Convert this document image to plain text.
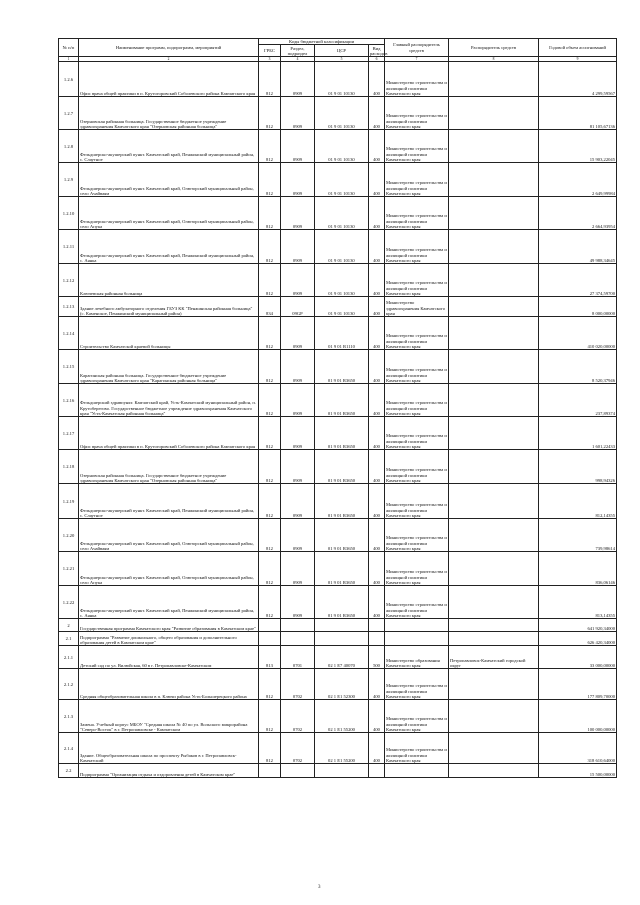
№ п/п	Наименование программ, подпрограмм, мероприятий	Коды бюджетной классификации				Главный распорядитель средств	Распорядитель средств	Годовой объем ассигнований
		ГРБС	Раздел, подраздел	ЦСР	Вид расходов			
1	2	3	4	5	6	7	8	9
1.2.6	Офис врача общей практики в п. Крутогоровский Соболевского района Камчатского края	812	0909	01 9 01 10130	400	Министерство строительства и жилищной политики Камчатского края		4 299,59567
1.2.7	Озерновская районная больница. Государственное бюджетное учреждение здравоохранения Камчатского края "Озерновская районная больница"	812	0909	01 9 01 10130	400	Министерство строительства и жилищной политики Камчатского края		81 105,67136
1.2.8	Фельдшерско-акушерский пункт. Камчатский край, Пенжинский муниципальный район, с. Слаутное	812	0909	01 9 01 10130	400	Министерство строительства и жилищной политики Камчатского края		15 903,22045
1.2.9	Фельдшерско-акушерский пункт. Камчатский край, Олюторский муниципальный район, село Ачайваям	812	0909	01 9 01 10130	400	Министерство строительства и жилищной политики Камчатского края		2 649,99984
1.2.10	Фельдшерско-акушерский пункт. Камчатский край, Олюторский муниципальный район, село Апука	812	0909	01 9 01 10130	400	Министерство строительства и жилищной политики Камчатского края		2 664,93954
1.2.11	Фельдшерско-акушерский пункт. Камчатский край, Пенжинский муниципальный район, с. Аянка	812	0909	01 9 01 10130	400	Министерство строительства и жилищной политики Камчатского края		49 988,34645
1.2.12	Ключевская районная больница	812	0909	01 9 01 10130	400	Министерство строительства и жилищной политики Камчатского края		27 374,59700
1.2.13	Здание лечебного амбулаторного отделения ГБУЗ КК "Пенжинская районная больница" (с. Каменское, Пенжинский муниципальный район)	834	09GP	01 9 01 10130	400	Министерство здравоохранения Камчатского края		8 000,00000
1.2.14	Строительство Камчатской краевой больницы	812	0909	01 9 01 R1110	400	Министерство строительства и жилищной политики Камчатского края		410 020,00000
1.2.15	Карагинская районная больница. Государственное бюджетное учреждение здравоохранения Камчатского края "Карагинская районная больница"	812	0909	01 9 01 R3650	400	Министерство строительства и жилищной политики Камчатского края		8 520,37946
1.2.16	Фельдшерский здравпункт. Камчатский край, Усть-Камчатский муниципальный район, п. Крутоберегово. Государственное бюджетное учреждение здравоохранения Камчатского края "Усть-Камчатская районная больница"	812	0909	01 9 01 R3650	400	Министерство строительства и жилищной политики Камчатского края		237,89374
1.2.17	Офис врача общей практики в п. Крутогоровский Соболевского района Камчатского края	812	0909	01 9 01 R3650	400	Министерство строительства и жилищной политики Камчатского края		1 601,22433
1.2.18	Озерновская районная больница. Государственное бюджетное учреждение здравоохранения Камчатского края "Озерновская районная больница"	812	0909	01 9 01 R3650	400	Министерство строительства и жилищной политики Камчатского края		998,94326
1.2.19	Фельдшерско-акушерский пункт. Камчатский край, Пенжинский муниципальный район, с. Слаутное	812	0909	01 9 01 R3650	400	Министерство строительства и жилищной политики Камчатского края		812,14355
1.2.20	Фельдшерско-акушерский пункт. Камчатский край, Олюторский муниципальный район, село Ачайваям	812	0909	01 9 01 R3650	400	Министерство строительства и жилищной политики Камчатского края		739,98614
1.2.21	Фельдшерско-акушерский пункт. Камчатский край, Олюторский муниципальный район, село Апука	812	0909	01 9 01 R3650	400	Министерство строительства и жилищной политики Камчатского края		836,06146
1.2.22	Фельдшерско-акушерский пункт. Камчатский край, Пенжинский муниципальный район, с. Аянка	812	0909	01 9 01 R3650	400	Министерство строительства и жилищной политики Камчатского края		813,14355
2	Государственная программа Камчатского края "Развитие образования в Камчатском крае"							641 920,34000
2.1	Подпрограмма "Развитие дошкольного, общего образования и дополнительного образования детей в Камчатском крае"							626 420,34000
2.1.1	Детский сад по ул. Вилюйская, 60 в г. Петропавловске-Камчатском	813	0701	02 1 E7 40070	500	Министерство образования Камчатского края	Петропавловск-Камчатский городской округ	33 000,00000
2.1.2	Средняя общеобразовательная школа в п. Ключи района Усть-Большерецкого района	812	0702	02 1 E1 52300	400	Министерство строительства и жилищной политики Камчатского края		177 809,70000
2.1.3	Замена. Учебный корпус МБОУ "Средняя школа № 40 по ул. Вольского микрорайона "Северо-Восток" в г. Петропавловске - Камчатском	812	0702	02 1 E1 55200	400	Министерство строительства и жилищной политики Камчатского края		100 000,00000
2.1.4	Здание. Общеобразовательная школа по проспекту Рыбаков в г. Петропавловск-Камчатский	812	0702	02 1 E1 55200	400	Министерство строительства и жилищной политики Камчатского края		318 610,64000
2.2	Подпрограмма "Организация отдыха и оздоровления детей в Камчатском крае"							15 500,00000
3
